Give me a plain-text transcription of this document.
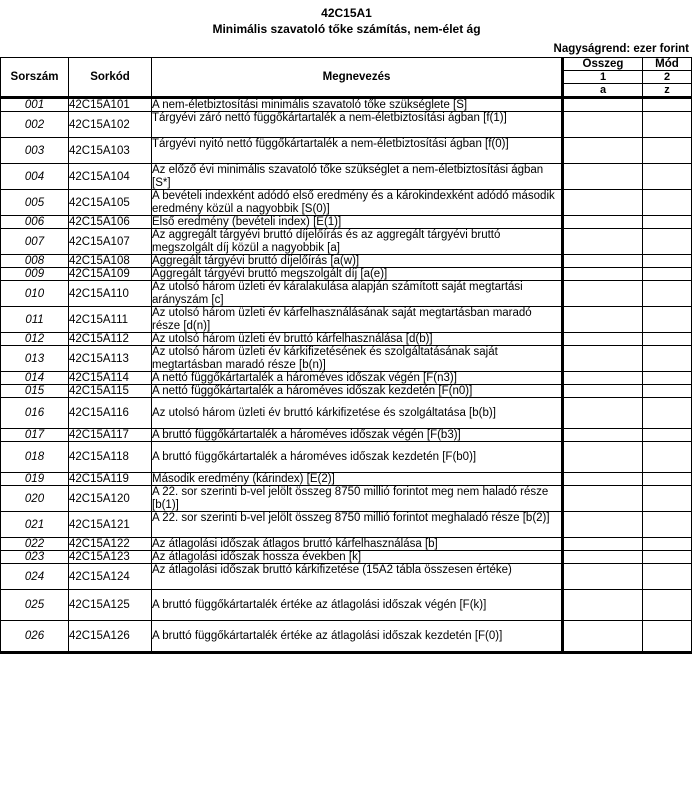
42C15A1
Minimális szavatoló tőke számítás, nem-élet ág
Nagyságrend: ezer forint
Sorszám	Sorkód	Megnevezés	Összeg	Mód
			1	2
			a	z
001	42C15A101	A nem-életbiztosítási minimális szavatoló tőke szükséglete [S]		
002	42C15A102	Tárgyévi záró nettó függőkártartalék a nem-életbiztosítási ágban [f(1)]		
003	42C15A103	Tárgyévi nyitó nettó függőkártartalék a nem-életbiztosítási ágban [f(0)]		
004	42C15A104	Az előző évi minimális szavatoló tőke szükséglet a nem-életbiztosítási ágban [S*]		
005	42C15A105	A bevételi indexként adódó első eredmény és a károkindexként adódó második eredmény közül a nagyobbik [S(0)]		
006	42C15A106	Első eredmény (bevételi index) [E(1)]		
007	42C15A107	Az aggregált tárgyévi bruttó díjelőírás és az aggregált tárgyévi bruttó megszolgált díj közül a nagyobbik [a]		
008	42C15A108	Aggregált tárgyévi bruttó díjelőírás [a(w)]		
009	42C15A109	Aggregált tárgyévi bruttó megszolgált díj [a(e)]		
010	42C15A110	Az utolsó három üzleti év káralakulása alapján számított saját megtartási arányszám [c]		
011	42C15A111	Az utolsó három üzleti év kárfelhasználásának saját megtartásban maradó része [d(n)]		
012	42C15A112	Az utolsó három üzleti év bruttó kárfelhasználása [d(b)]		
013	42C15A113	Az utolsó három üzleti év kárkifizetésének és szolgáltatásának saját megtartásban maradó része [b(n)]		
014	42C15A114	A nettó függőkártartalék a hároméves időszak végén [F(n3)]		
015	42C15A115	A nettó függőkártartalék a hároméves időszak kezdetén [F(n0)]		
016	42C15A116	Az utolsó három üzleti év bruttó kárkifizetése és szolgáltatása [b(b)]		
017	42C15A117	A bruttó függőkártartalék a hároméves időszak végén [F(b3)]		
018	42C15A118	A bruttó függőkártartalék a hároméves időszak kezdetén [F(b0)]		
019	42C15A119	Második eredmény (kárindex) [E(2)]		
020	42C15A120	A 22. sor szerinti b-vel jelölt összeg 8750 millió forintot meg nem haladó része [b(1)]		
021	42C15A121	A 22. sor szerinti b-vel jelölt összeg 8750 millió forintot meghaladó része [b(2)]		
022	42C15A122	Az átlagolási időszak átlagos bruttó kárfelhasználása [b]		
023	42C15A123	Az átlagolási időszak hossza években [k]		
024	42C15A124	Az átlagolási időszak bruttó kárkifizetése (15A2 tábla összesen értéke)		
025	42C15A125	A bruttó függőkártartalék értéke az átlagolási időszak végén [F(k)]		
026	42C15A126	A bruttó függőkártartalék értéke az átlagolási időszak kezdetén [F(0)]		
